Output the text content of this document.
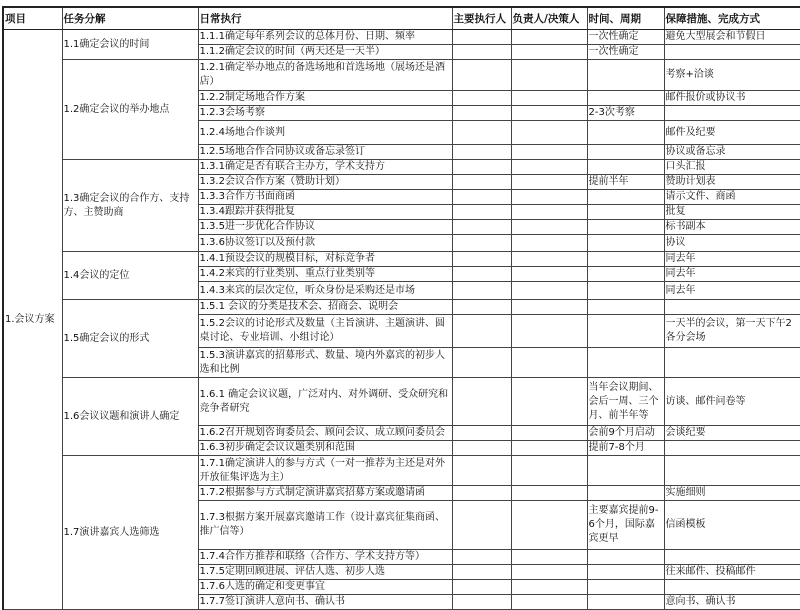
项目	任务分解	日常执行	主要执行人	负责人/决策人	时间、周期	保障措施、完成方式
1.会议方案	1.1确定会议的时间	1.1.1确定每年系列会议的总体月份、日期、频率			一次性确定	避免大型展会和节假日
		1.1.2确定会议的时间（两天还是一天半）			一次性确定	
	1.2确定会议的举办地点	1.2.1确定举办地点的备选场地和首选场地（展场还是酒店）				考察+洽谈
		1.2.2制定场地合作方案				邮件报价或协议书
		1.2.3会场考察			2-3次考察	
		1.2.4场地合作谈判				邮件及纪要
		1.2.5场地合作合同协议或备忘录签订				协议或备忘录
	1.3确定会议的合作方、支持方、主赞助商	1.3.1确定是否有联合主办方，学术支持方				口头汇报
		1.3.2会议合作方案（赞助计划）			提前半年	赞助计划表
		1.3.3合作方书面商函				请示文件、商函
		1.3.4跟踪并获得批复				批复
		1.3.5进一步优化合作协议				标书副本
		1.3.6协议签订以及预付款				协议
	1.4会议的定位	1.4.1预设会议的规模目标，对标竞争者				同去年
		1.4.2来宾的行业类别、重点行业类别等				同去年
		1.4.3来宾的层次定位，听众身份是采购还是市场				同去年
	1.5确定会议的形式	1.5.1 会议的分类是技术会、招商会、说明会				
		1.5.2会议的讨论形式及数量（主旨演讲、主题演讲、圆桌讨论、专业培训、小组讨论）				一天半的会议，第一天下午2各分会场
		1.5.3演讲嘉宾的招募形式、数量、境内外嘉宾的初步人选和比例				
	1.6会议议题和演讲人确定	1.6.1 确定会议议题，广泛对内、对外调研、受众研究和竞争者研究			当年会议期间、会后一周、三个月、前半年等	访谈、邮件问卷等
		1.6.2召开规划咨询委员会、顾问会议、成立顾问委员会			会前9个月启动	会谈纪要
		1.6.3初步确定会议议题类别和范围			提前7-8个月	
	1.7演讲嘉宾人选筛选	1.7.1确定演讲人的参与方式（一对一推荐为主还是对外开放征集评选为主）				
		1.7.2根据参与方式制定演讲嘉宾招募方案或邀请函				实施细则
		1.7.3根据方案开展嘉宾邀请工作（设计嘉宾征集商函、推广信等）			主要嘉宾提前9-6个月，国际嘉宾更早	信函模板
		1.7.4合作方推荐和联络（合作方、学术支持方等）				
		1.7.5定期回顾进展、评估人选、初步人选				往来邮件、投稿邮件
		1.7.6人选的确定和变更事宜				
		1.7.7签订演讲人意向书、确认书				意向书、确认书
